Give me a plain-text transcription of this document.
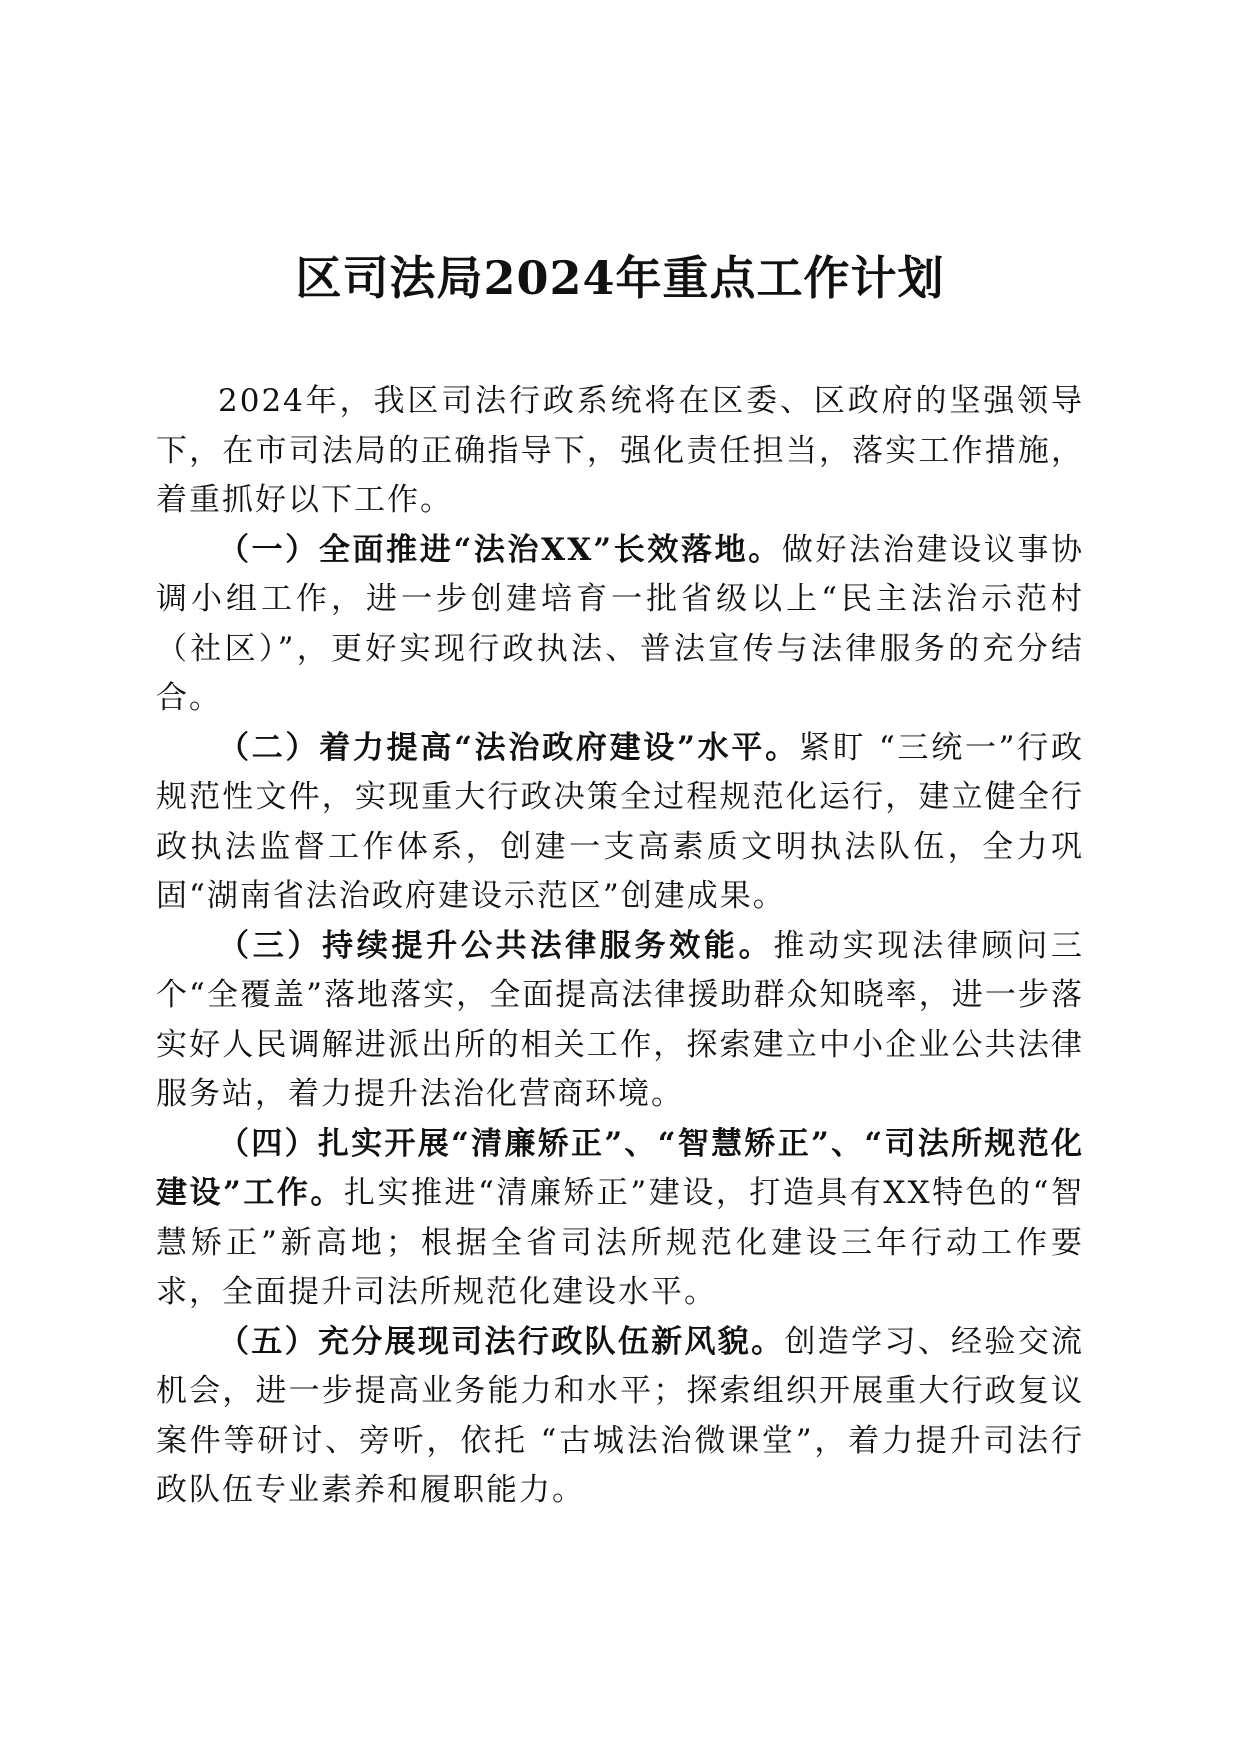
区司法局2024年重点工作计划

2024年，我区司法行政系统将在区委、区政府的坚强领导下，在市司法局的正确指导下，强化责任担当，落实工作措施，着重抓好以下工作。

（一）全面推进“法治XX”长效落地。做好法治建设议事协调小组工作，进一步创建培育一批省级以上“民主法治示范村（社区）”，更好实现行政执法、普法宣传与法律服务的充分结合。

（二）着力提高“法治政府建设”水平。紧盯 “三统一”行政规范性文件，实现重大行政决策全过程规范化运行，建立健全行政执法监督工作体系，创建一支高素质文明执法队伍，全力巩固“湖南省法治政府建设示范区”创建成果。

（三）持续提升公共法律服务效能。推动实现法律顾问三个“全覆盖”落地落实，全面提高法律援助群众知晓率，进一步落实好人民调解进派出所的相关工作，探索建立中小企业公共法律服务站，着力提升法治化营商环境。

（四）扎实开展“清廉矫正”、“智慧矫正”、“司法所规范化建设”工作。扎实推进“清廉矫正”建设，打造具有XX特色的“智慧矫正”新高地；根据全省司法所规范化建设三年行动工作要求，全面提升司法所规范化建设水平。

（五）充分展现司法行政队伍新风貌。创造学习、经验交流机会，进一步提高业务能力和水平；探索组织开展重大行政复议案件等研讨、旁听，依托 “古城法治微课堂”，着力提升司法行政队伍专业素养和履职能力。
